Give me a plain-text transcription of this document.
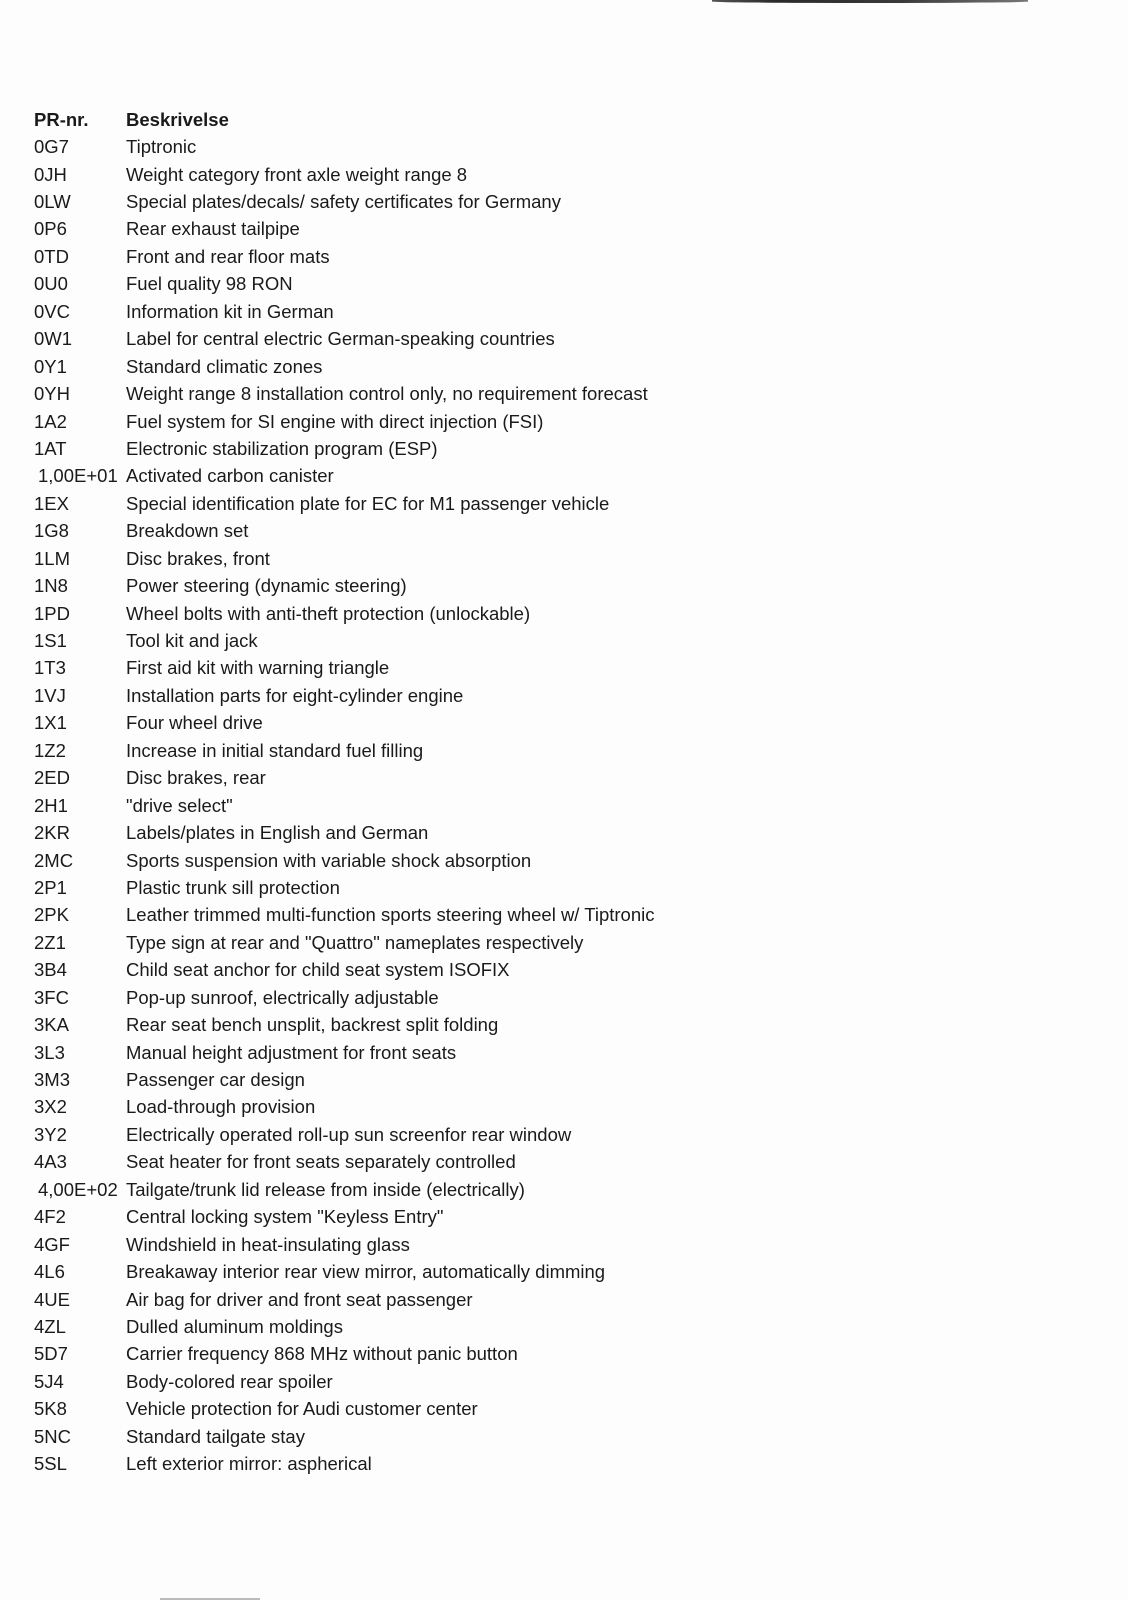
PR-nr.	Beskrivelse
0G7	Tiptronic
0JH	Weight category front axle weight range 8
0LW	Special plates/decals/ safety certificates for Germany
0P6	Rear exhaust tailpipe
0TD	Front and rear floor mats
0U0	Fuel quality 98 RON
0VC	Information kit in German
0W1	Label for central electric German-speaking countries
0Y1	Standard climatic zones
0YH	Weight range 8 installation control only, no requirement forecast
1A2	Fuel system for SI engine with direct injection (FSI)
1AT	Electronic stabilization program (ESP)
1,00E+01 Activated carbon canister
1EX	Special identification plate for EC for M1 passenger vehicle
1G8	Breakdown set
1LM	Disc brakes, front
1N8	Power steering (dynamic steering)
1PD	Wheel bolts with anti-theft protection (unlockable)
1S1	Tool kit and jack
1T3	First aid kit with warning triangle
1VJ	Installation parts for eight-cylinder engine
1X1	Four wheel drive
1Z2	Increase in initial standard fuel filling
2ED	Disc brakes, rear
2H1	"drive select"
2KR	Labels/plates in English and German
2MC	Sports suspension with variable shock absorption
2P1	Plastic trunk sill protection
2PK	Leather trimmed multi-function sports steering wheel w/ Tiptronic
2Z1	Type sign at rear and "Quattro" nameplates respectively
3B4	Child seat anchor for child seat system ISOFIX
3FC	Pop-up sunroof, electrically adjustable
3KA	Rear seat bench unsplit, backrest split folding
3L3	Manual height adjustment for front seats
3M3	Passenger car design
3X2	Load-through provision
3Y2	Electrically operated roll-up sun screenfor rear window
4A3	Seat heater for front seats separately controlled
4,00E+02 Tailgate/trunk lid release from inside (electrically)
4F2	Central locking system "Keyless Entry"
4GF	Windshield in heat-insulating glass
4L6	Breakaway interior rear view mirror, automatically dimming
4UE	Air bag for driver and front seat passenger
4ZL	Dulled aluminum moldings
5D7	Carrier frequency 868 MHz without panic button
5J4	Body-colored rear spoiler
5K8	Vehicle protection for Audi customer center
5NC	Standard tailgate stay
5SL	Left exterior mirror: aspherical
